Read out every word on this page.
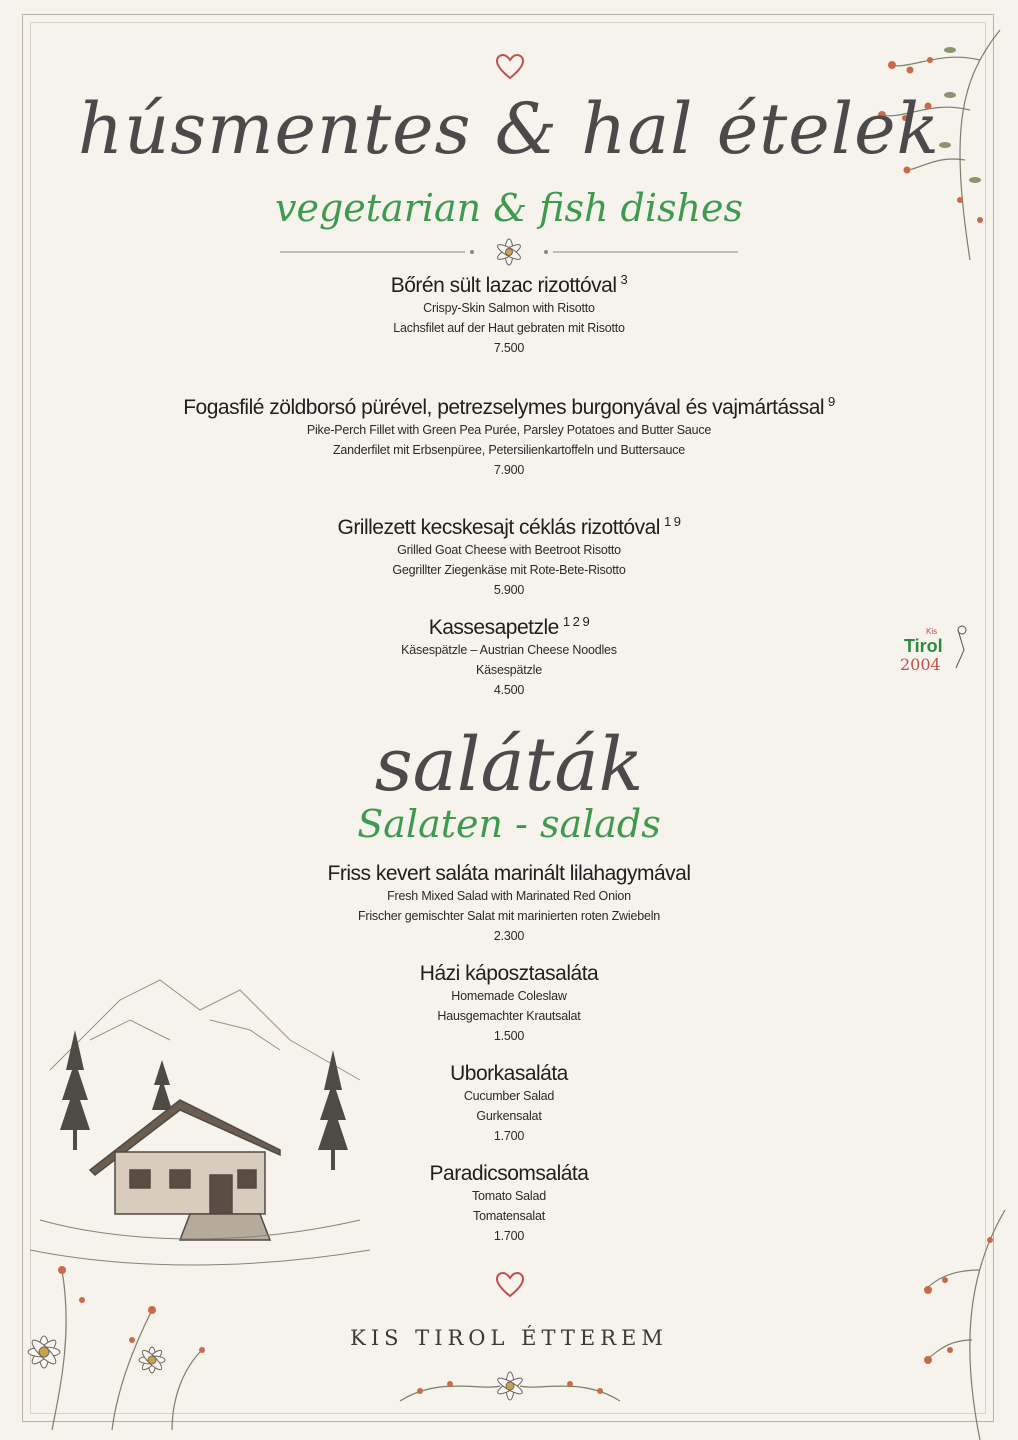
húsmentes & hal ételek
vegetarian & fish dishes
Bőrén sült lazac rizottóval $^3$
Crispy-Skin Salmon with Risotto
Lachsfilet auf der Haut gebraten mit Risotto
7.500
Fogasfilé zöldborsó pürével, petrezselymes burgonyával és vajmártással $^9$
Pike-Perch Fillet with Green Pea Purée, Parsley Potatoes and Butter Sauce
Zanderfilet mit Erbsenpüree, Petersilienkartoffeln und Buttersauce
7.900
Grillezett kecskesajt céklás rizottóval $^{1 9}$
Grilled Goat Cheese with Beetroot Risotto
Gegrillter Ziegenkäse mit Rote-Bete-Risotto
5.900
Kassesapetzle $^{1 2 9}$
Käsespätzle – Austrian Cheese Noodles
Käsespätzle
4.500
Kis
Tirol
2004
saláták
Salaten - salads
Friss kevert saláta marinált lilahagymával
Fresh Mixed Salad with Marinated Red Onion
Frischer gemischter Salat mit marinierten roten Zwiebeln
2.300
Házi káposztasaláta
Homemade Coleslaw
Hausgemachter Krautsalat
1.500
Uborkasaláta
Cucumber Salad
Gurkensalat
1.700
Paradicsomsaláta
Tomato Salad
Tomatensalat
1.700
KIS TIROL ÉTTEREM
